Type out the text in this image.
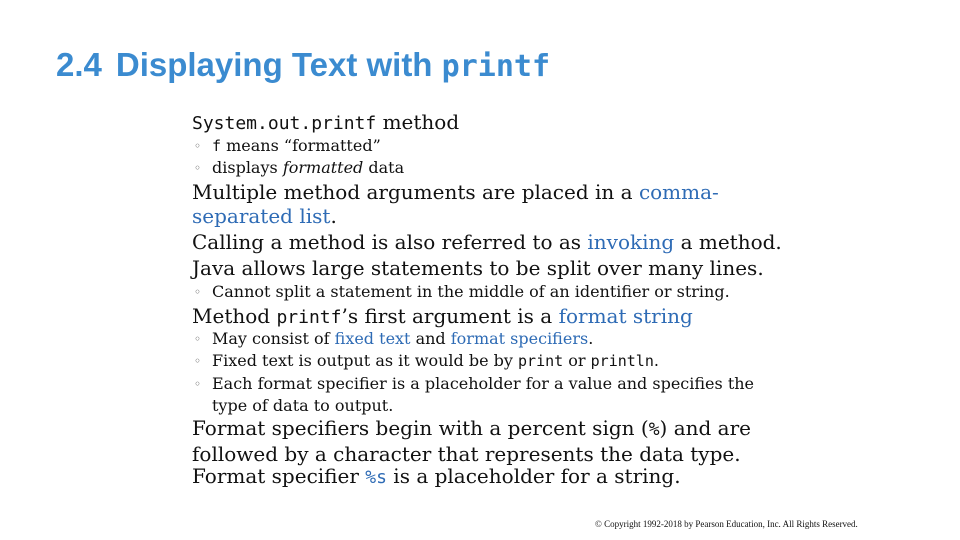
2.4 Displaying Text with printf
System.out.printf method
◦ f means “formatted”
◦ displays formatted data
Multiple method arguments are placed in a comma-separated list.
Calling a method is also referred to as invoking a method.
Java allows large statements to be split over many lines.
◦ Cannot split a statement in the middle of an identifier or string.
Method printf’s first argument is a format string
◦ May consist of fixed text and format specifiers.
◦ Fixed text is output as it would be by print or println.
◦ Each format specifier is a placeholder for a value and specifies the type of data to output.
Format specifiers begin with a percent sign (%) and are followed by a character that represents the data type.
Format specifier %s is a placeholder for a string.
© Copyright 1992-2018 by Pearson Education, Inc. All Rights Reserved.
